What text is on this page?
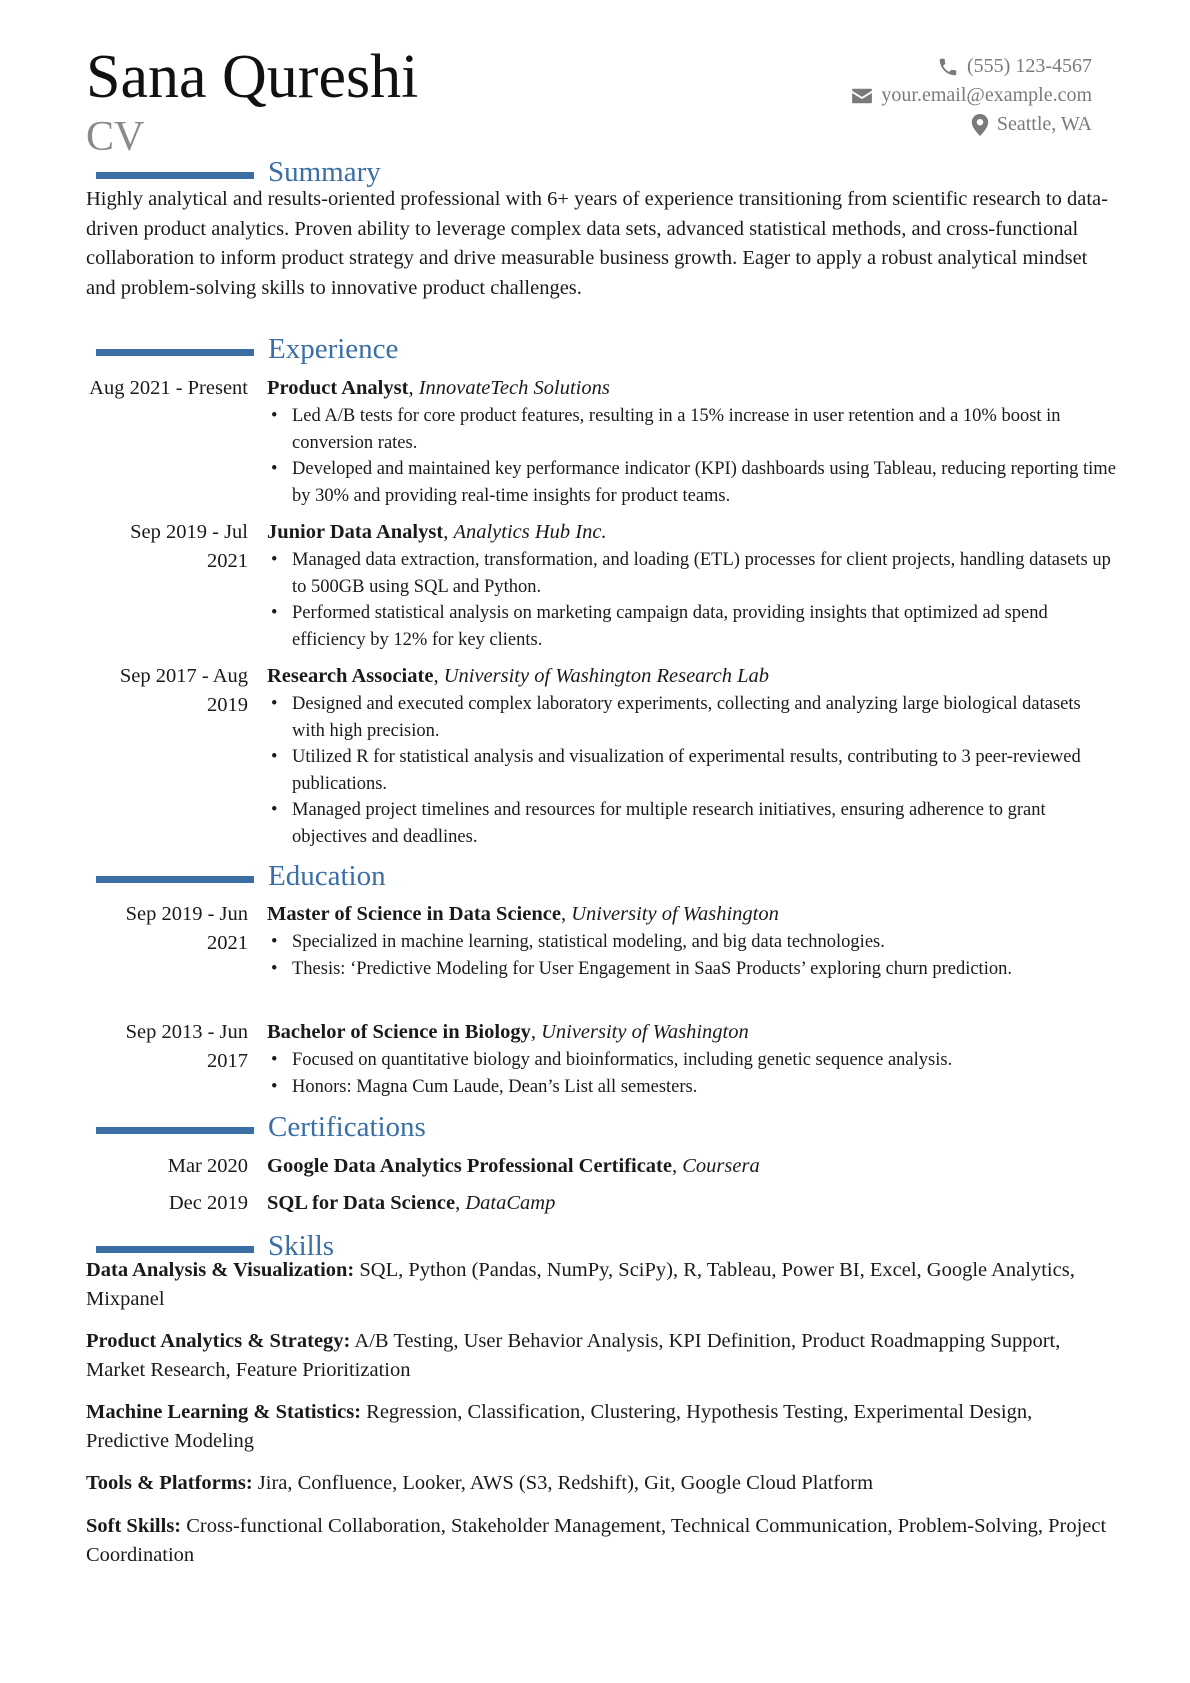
Sana Qureshi
CV
(555) 123-4567
your.email@example.com
Seattle, WA
Summary
Highly analytical and results-oriented professional with 6+ years of experience transitioning from scientific research to data-driven product analytics. Proven ability to leverage complex data sets, advanced statistical methods, and cross-functional collaboration to inform product strategy and drive measurable business growth. Eager to apply a robust analytical mindset and problem-solving skills to innovative product challenges.
Experience
Aug 2021 - Present Product Analyst, InnovateTech Solutions
• Led A/B tests for core product features, resulting in a 15% increase in user retention and a 10% boost in conversion rates.
• Developed and maintained key performance indicator (KPI) dashboards using Tableau, reducing reporting time by 30% and providing real-time insights for product teams.
Sep 2019 - Jul 2021
Junior Data Analyst, Analytics Hub Inc.
• Managed data extraction, transformation, and loading (ETL) processes for client projects, handling datasets up to 500GB using SQL and Python.
• Performed statistical analysis on marketing campaign data, providing insights that optimized ad spend efficiency by 12% for key clients.
Sep 2017 - Aug 2019
Research Associate, University of Washington Research Lab
• Designed and executed complex laboratory experiments, collecting and analyzing large biological datasets with high precision.
• Utilized R for statistical analysis and visualization of experimental results, contributing to 3 peer-reviewed publications.
• Managed project timelines and resources for multiple research initiatives, ensuring adherence to grant objectives and deadlines.
Education
Sep 2019 - Jun 2021
Master of Science in Data Science, University of Washington
• Specialized in machine learning, statistical modeling, and big data technologies.
• Thesis: ‘Predictive Modeling for User Engagement in SaaS Products’ exploring churn prediction.
Sep 2013 - Jun 2017
Bachelor of Science in Biology, University of Washington
• Focused on quantitative biology and bioinformatics, including genetic sequence analysis.
• Honors: Magna Cum Laude, Dean’s List all semesters.
Certifications
Mar 2020 Google Data Analytics Professional Certificate, Coursera
Dec 2019 SQL for Data Science, DataCamp
Skills
Data Analysis & Visualization: SQL, Python (Pandas, NumPy, SciPy), R, Tableau, Power BI, Excel, Google Analytics, Mixpanel
Product Analytics & Strategy: A/B Testing, User Behavior Analysis, KPI Definition, Product Roadmapping Support, Market Research, Feature Prioritization
Machine Learning & Statistics: Regression, Classification, Clustering, Hypothesis Testing, Experimental Design, Predictive Modeling
Tools & Platforms: Jira, Confluence, Looker, AWS (S3, Redshift), Git, Google Cloud Platform
Soft Skills: Cross-functional Collaboration, Stakeholder Management, Technical Communication, Problem-Solving, Project Coordination
